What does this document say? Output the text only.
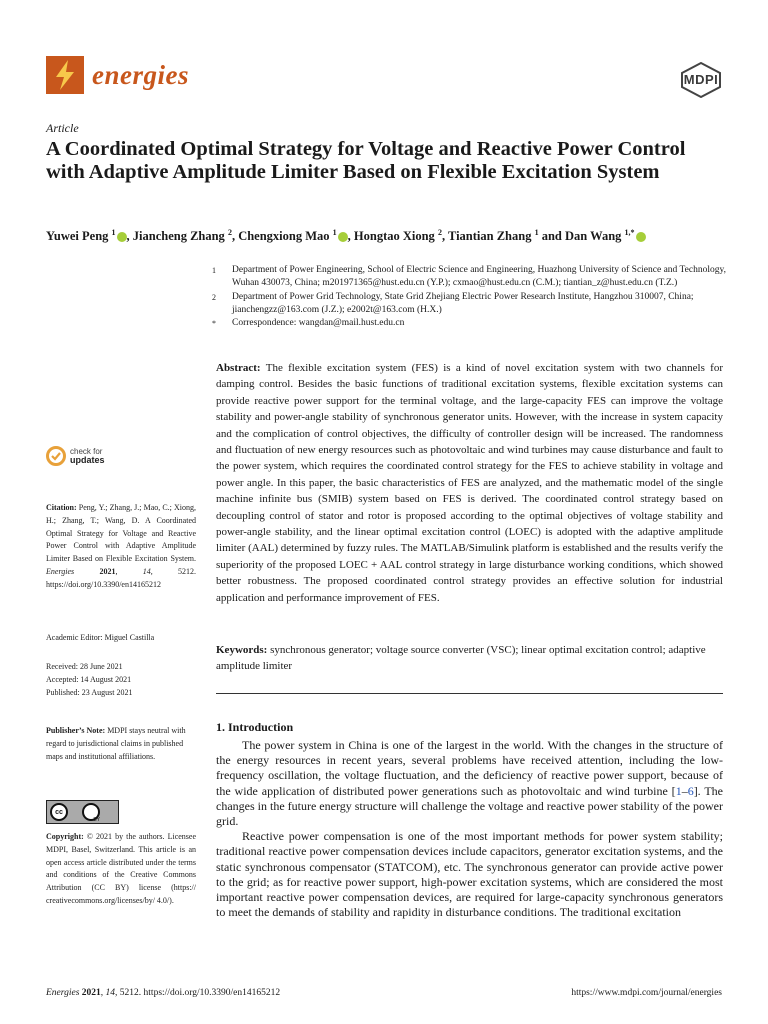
energies	MDPI
Article
A Coordinated Optimal Strategy for Voltage and Reactive Power Control with Adaptive Amplitude Limiter Based on Flexible Excitation System
Yuwei Peng $^1$ , Jiancheng Zhang $^2$, Chengxiong Mao $^1$ , Hongtao Xiong $^2$, Tiantian Zhang $^1$ and Dan Wang $^{1,*}$
1	Department of Power Engineering, School of Electric Science and Engineering, Huazhong University of Science and Technology, Wuhan 430073, China; m201971365@hust.edu.cn (Y.P.); cxmao@hust.edu.cn (C.M.); tiantian_z@hust.edu.cn (T.Z.)
2	Department of Power Grid Technology, State Grid Zhejiang Electric Power Research Institute, Hangzhou 310007, China; jianchengzz@163.com (J.Z.); e2002t@163.com (H.X.)
*	Correspondence: wangdan@mail.hust.edu.cn
Abstract: The flexible excitation system (FES) is a kind of novel excitation system with two channels for damping control. Besides the basic functions of traditional excitation systems, flexible excitation systems can provide reactive power support for the terminal voltage, and the large-capacity FES can improve the voltage stability and power-angle stability of synchronous generator units. However, with the increase in system capacity and the complication of control objectives, the difficulty of controller design will be increased. The randomness and fluctuation of new energy resources such as photovoltaic and wind turbines may cause disturbance and fault to the power system, which requires the coordinated control strategy for the FES to achieve stability in voltage and power angle. In this paper, the basic characteristics of FES are analyzed, and the mathematic model of the single machine infinite bus (SMIB) system based on FES is derived. The coordinated control strategy based on decoupling control of stator and rotor is proposed according to the optimal objectives of voltage stability and power-angle stability, and the linear optimal excitation control (LOEC) is adopted with the adaptive amplitude limiter (AAL) determined by fuzzy rules. The MATLAB/Simulink platform is established and the results verify the superiority of the proposed LOEC + AAL control strategy in large disturbance working conditions, which showed better robustness. The proposed coordinated control strategy provides an effective solution for industrial application and performance improvement of FES.
Keywords: synchronous generator; voltage source converter (VSC); linear optimal excitation control; adaptive amplitude limiter
1. Introduction

The power system in China is one of the largest in the world. With the changes in the structure of the energy resources in recent years, several problems have received attention, including the low-frequency oscillation, the voltage fluctuation, and the deficiency of reactive power support, because of the wide application of distributed power generations such as photovoltaic and wind turbine [1–6]. The changes in the future energy structure will challenge the voltage and reactive power stability of the power grid.

Reactive power compensation is one of the most important methods for power system stability; traditional reactive power compensation devices include capacitors, generator excitation systems, and the static synchronous compensator (STATCOM), etc. The synchronous generator can provide active power to the grid; as for reactive power support, high-power excitation systems, which are considered the most important reactive power compensation devices, are required for large-capacity synchronous generators to meet the demands of stability and rapidity in disturbance conditions. The traditional excitation

check for
updates
Citation: Peng, Y.; Zhang, J.; Mao, C.; Xiong, H.; Zhang, T.; Wang, D. A Coordinated Optimal Strategy for Voltage and Reactive Power Control with Adaptive Amplitude Limiter Based on Flexible Excitation System. Energies	2021, 14, 5212. https://doi.org/10.3390/en14165212
Academic Editor: Miguel Castilla
Received: 28 June 2021
Accepted: 14 August 2021
Published: 23 August 2021
Publisher’s Note: MDPI stays neutral with regard to jurisdictional claims in published maps and institutional affiliations.
cc
BY
Copyright: © 2021 by the authors. Licensee MDPI, Basel, Switzerland. This article is an open access article distributed under the terms and conditions of the Creative Commons Attribution (CC BY) license (https:// creativecommons.org/licenses/by/ 4.0/).
Energies 2021, 14, 5212. https://doi.org/10.3390/en14165212	https://www.mdpi.com/journal/energies
